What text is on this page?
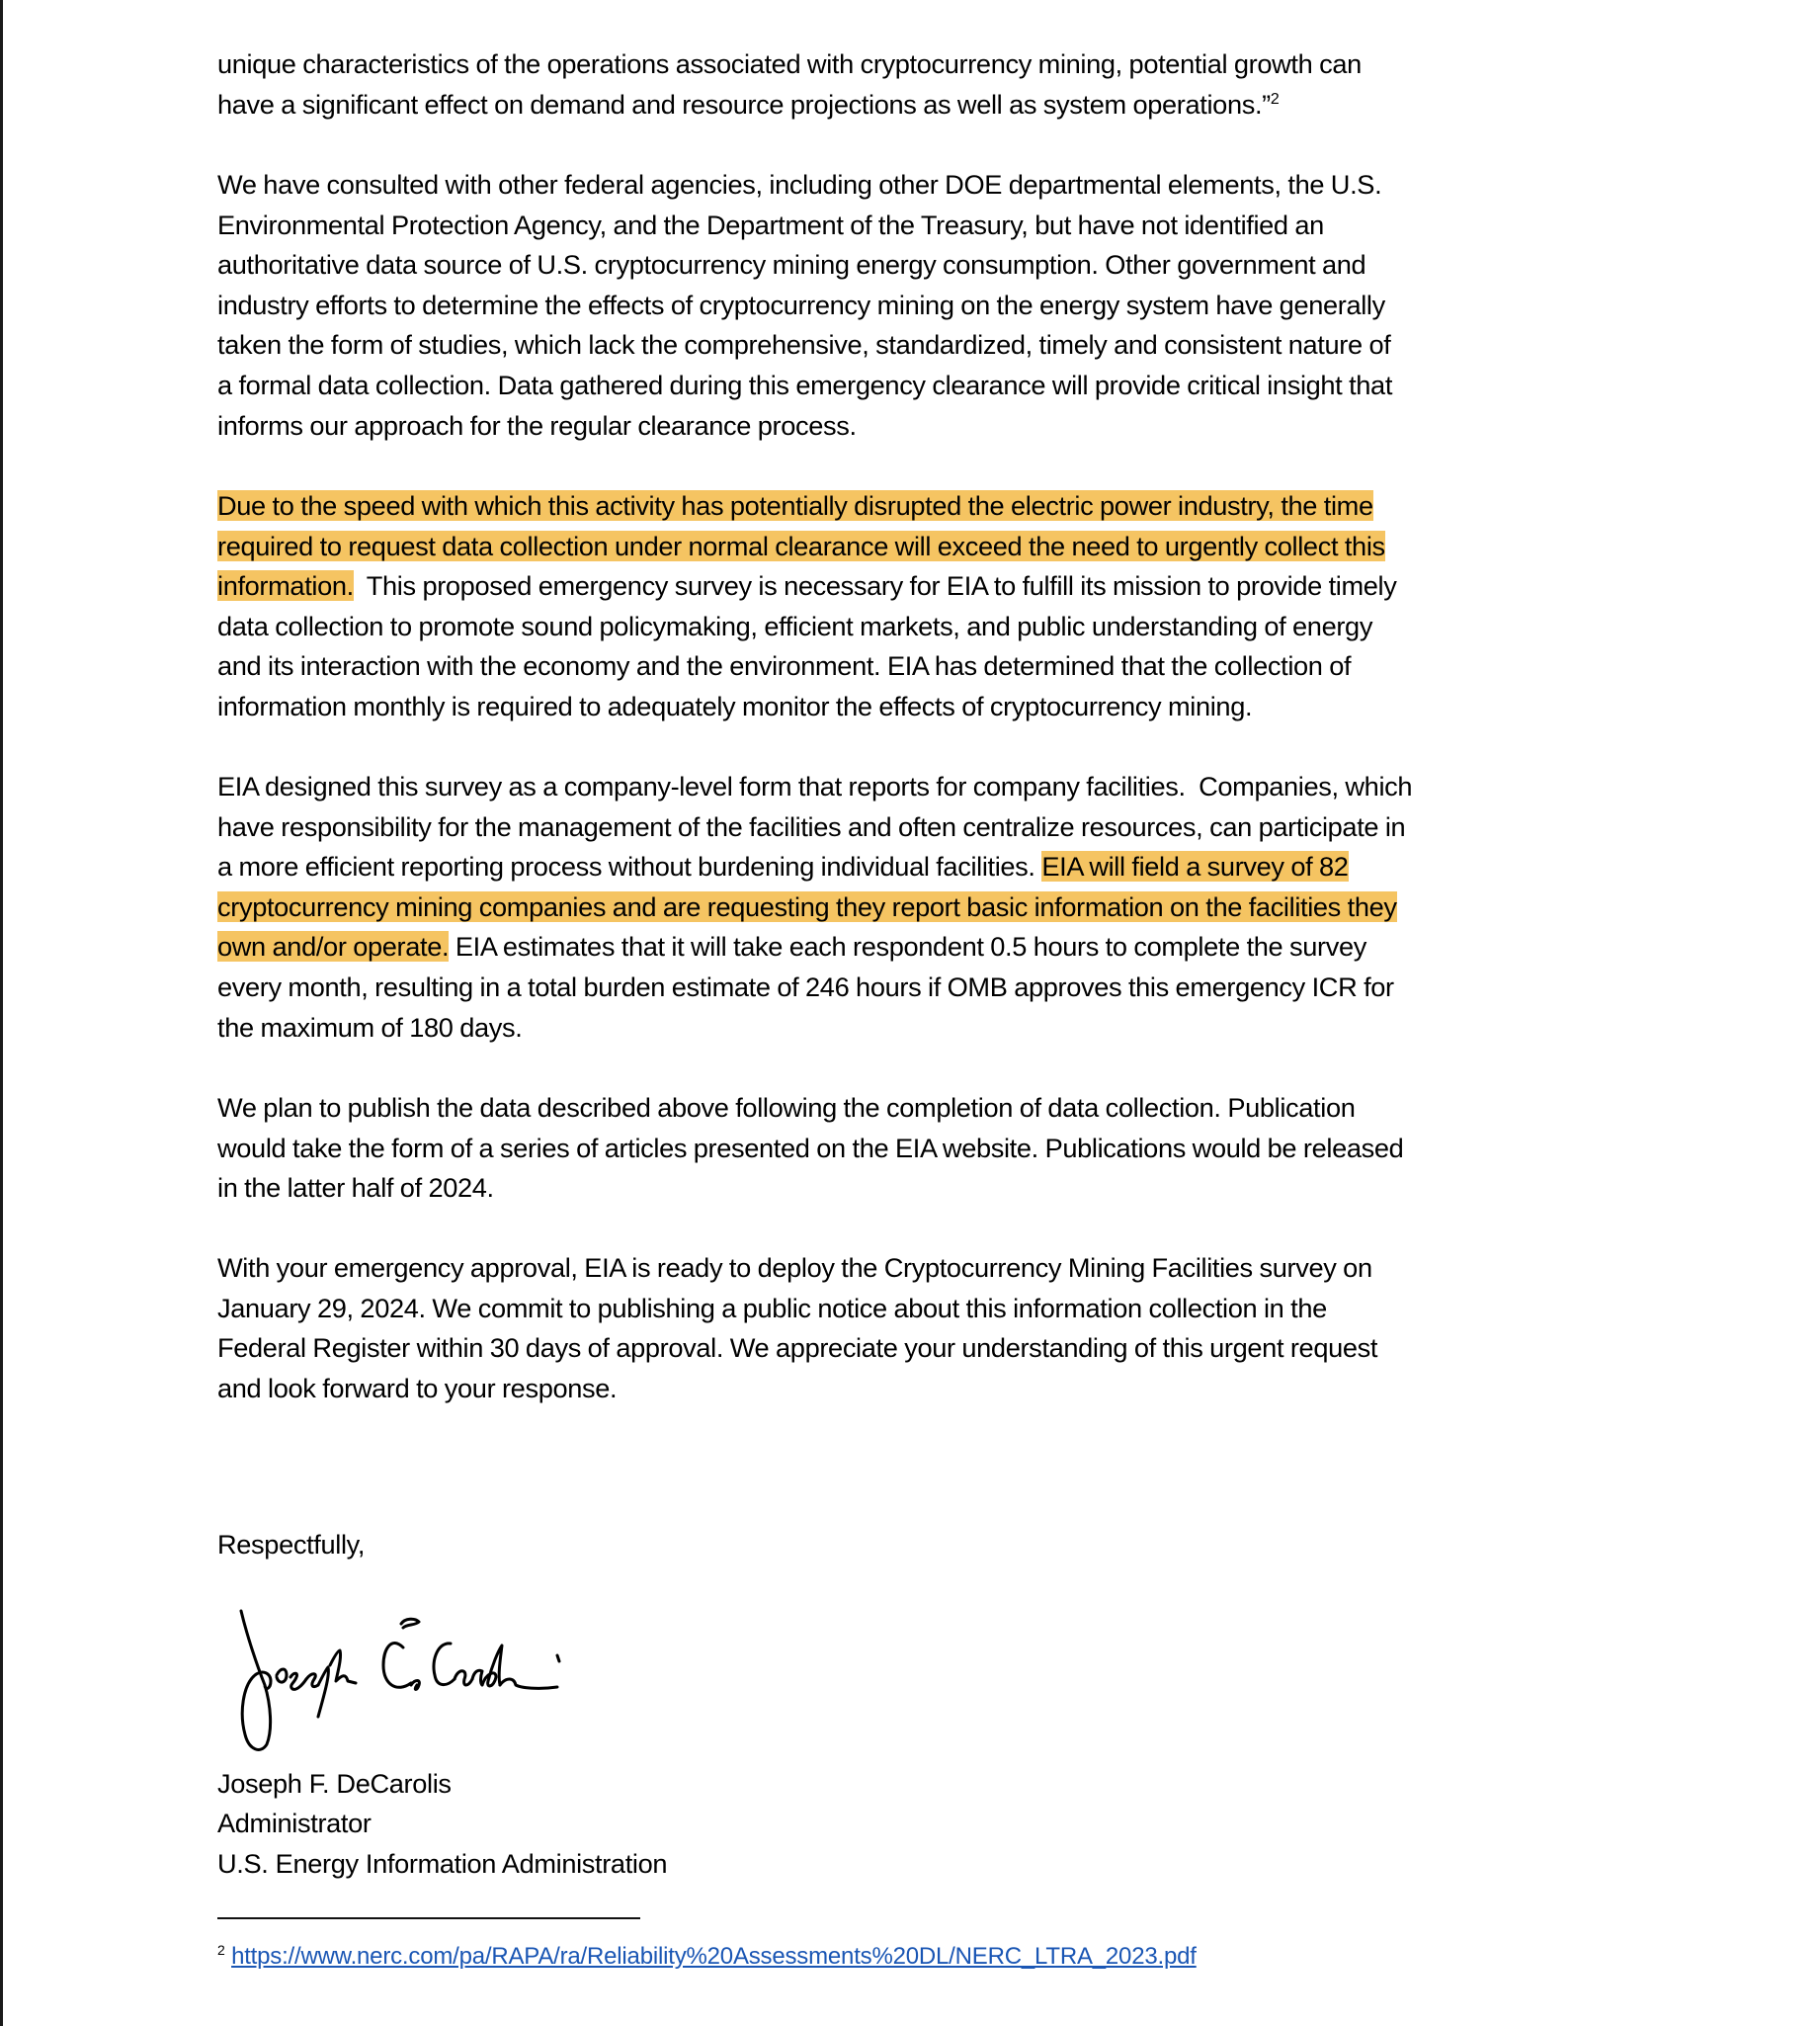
unique characteristics of the operations associated with cryptocurrency mining, potential growth can
have a significant effect on demand and resource projections as well as system operations.”$^2$
We have consulted with other federal agencies, including other DOE departmental elements, the U.S.
Environmental Protection Agency, and the Department of the Treasury, but have not identified an
authoritative data source of U.S. cryptocurrency mining energy consumption. Other government and
industry efforts to determine the effects of cryptocurrency mining on the energy system have generally
taken the form of studies, which lack the comprehensive, standardized, timely and consistent nature of
a formal data collection. Data gathered during this emergency clearance will provide critical insight that
informs our approach for the regular clearance process.
Due to the speed with which this activity has potentially disrupted the electric power industry, the time
required to request data collection under normal clearance will exceed the need to urgently collect this
information.  This proposed emergency survey is necessary for EIA to fulfill its mission to provide timely
data collection to promote sound policymaking, efficient markets, and public understanding of energy
and its interaction with the economy and the environment. EIA has determined that the collection of
information monthly is required to adequately monitor the effects of cryptocurrency mining.
EIA designed this survey as a company-level form that reports for company facilities.  Companies, which
have responsibility for the management of the facilities and often centralize resources, can participate in
a more efficient reporting process without burdening individual facilities. EIA will field a survey of 82
cryptocurrency mining companies and are requesting they report basic information on the facilities they
own and/or operate. EIA estimates that it will take each respondent 0.5 hours to complete the survey
every month, resulting in a total burden estimate of 246 hours if OMB approves this emergency ICR for
the maximum of 180 days.
We plan to publish the data described above following the completion of data collection. Publication
would take the form of a series of articles presented on the EIA website. Publications would be released
in the latter half of 2024.
With your emergency approval, EIA is ready to deploy the Cryptocurrency Mining Facilities survey on
January 29, 2024. We commit to publishing a public notice about this information collection in the
Federal Register within 30 days of approval. We appreciate your understanding of this urgent request
and look forward to your response.
Respectfully,
Joseph F. DeCarolis
Administrator
U.S. Energy Information Administration
$^2$ https://www.nerc.com/pa/RAPA/ra/Reliability%20Assessments%20DL/NERC_LTRA_2023.pdf
